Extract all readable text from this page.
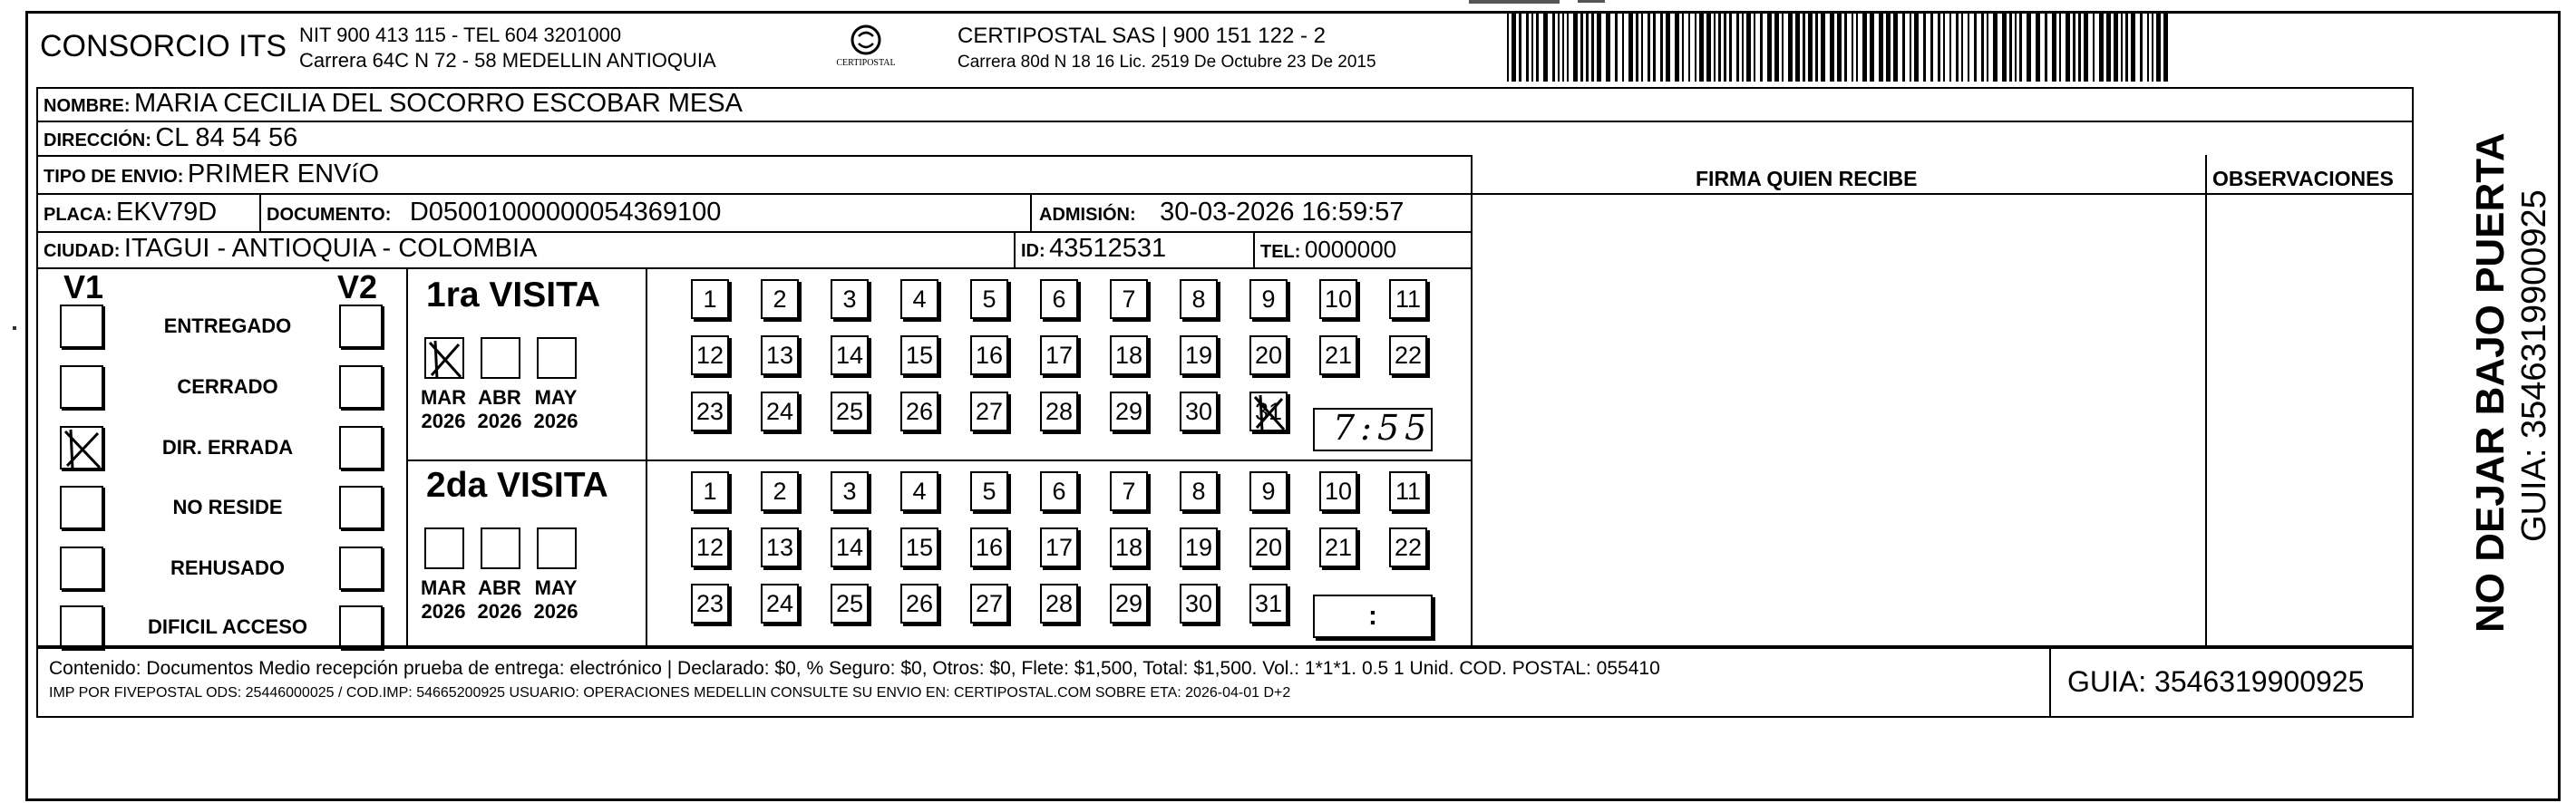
CONSORCIO ITS NIT 900 413 115 - TEL 604 3201000
Carrera 64C N 72 - 58 MEDELLIN ANTIOQUIA	CERTIPOSTAL
CERTIPOSTAL SAS | 900 151 122 - 2
Carrera 80d N 18 16 Lic. 2519 De Octubre 23 De 2015
NOMBRE: MARIA CECILIA DEL SOCORRO ESCOBAR MESA
DIRECCIÓN: CL 84 54 56
TIPO DE ENVIO: PRIMER ENVíO	FIRMA QUIEN RECIBE	OBSERVACIONES
PLACA: EKV79D	DOCUMENTO: D05001000000054369100	ADMISIÓN: 30-03-2026 16:59:57
CIUDAD: ITAGUI - ANTIOQUIA - COLOMBIA	ID: 43512531	TEL: 0000000
V1	V2
ENTREGADO
CERRADO
DIR. ERRADA
NO RESIDE
REHUSADO
DIFICIL ACCESO
1ra VISITA
2da VISITA
MAR
2026
ABR
2026
MAY
2026
MAR
2026
ABR
2026
MAY
2026
1 2 3 4 5 6 7 8 9 10 11
12 13 14 15 16 17 18 19 20 21 22
23 24 25 26 27 28 29 30 31
1 2 3 4 5 6 7 8 9 10 11
12 13 14 15 16 17 18 19 20 21 22
23 24 25 26 27 28 29 30 31
7:55
:
Contenido: Documentos Medio recepción prueba de entrega: electrónico | Declarado: $0, % Seguro: $0, Otros: $0, Flete: $1,500, Total: $1,500. Vol.: 1*1*1. 0.5 1 Unid. COD. POSTAL: 055410
IMP POR FIVEPOSTAL ODS: 25446000025 / COD.IMP: 54665200925 USUARIO: OPERACIONES MEDELLIN CONSULTE SU ENVIO EN: CERTIPOSTAL.COM SOBRE ETA: 2026-04-01 D+2	GUIA: 3546319900925
NO DEJAR BAJO PUERTA GUIA: 3546319900925
